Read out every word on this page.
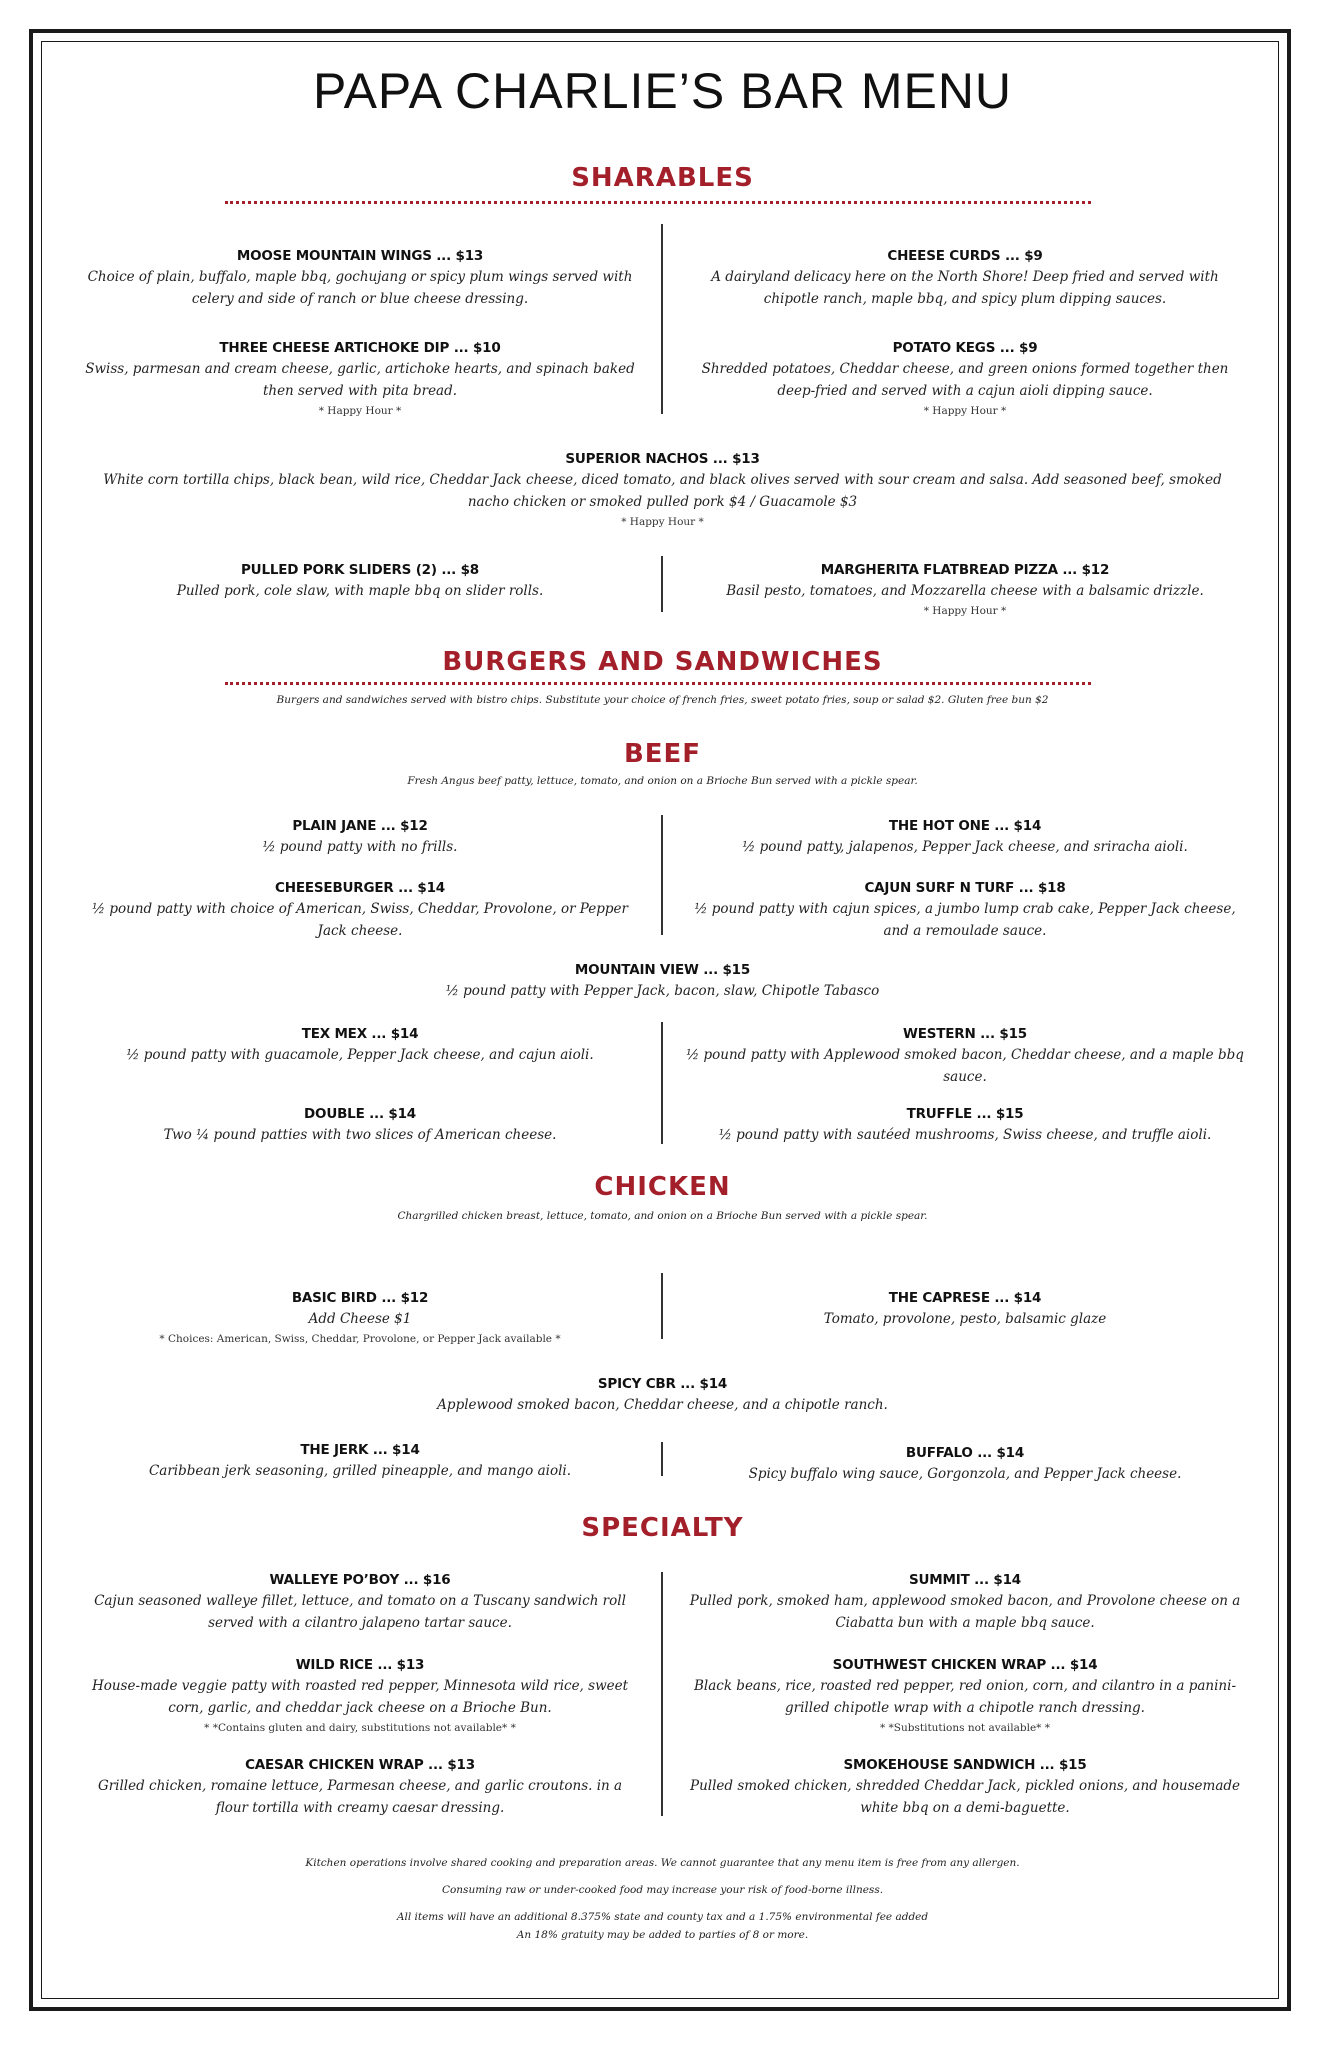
PAPA CHARLIE’S BAR MENU
SHARABLES
MOOSE MOUNTAIN WINGS ... $13
Choice of plain, buffalo, maple bbq, gochujang or spicy plum wings served with celery and side of ranch or blue cheese dressing.
CHEESE CURDS ... $9
A dairyland delicacy here on the North Shore! Deep fried and served with chipotle ranch, maple bbq, and spicy plum dipping sauces.
THREE CHEESE ARTICHOKE DIP ... $10
Swiss, parmesan and cream cheese, garlic, artichoke hearts, and spinach baked then served with pita bread.
* Happy Hour *
POTATO KEGS ... $9
Shredded potatoes, Cheddar cheese, and green onions formed together then deep-fried and served with a cajun aioli dipping sauce.
* Happy Hour *
SUPERIOR NACHOS ... $13
White corn tortilla chips, black bean, wild rice, Cheddar Jack cheese, diced tomato, and black olives served with sour cream and salsa. Add seasoned beef, smoked nacho chicken or smoked pulled pork $4 / Guacamole $3
* Happy Hour *
PULLED PORK SLIDERS (2) ... $8
Pulled pork, cole slaw, with maple bbq on slider rolls.
MARGHERITA FLATBREAD PIZZA ... $12
Basil pesto, tomatoes, and Mozzarella cheese with a balsamic drizzle.
* Happy Hour *
BURGERS AND SANDWICHES
Burgers and sandwiches served with bistro chips. Substitute your choice of french fries, sweet potato fries, soup or salad $2. Gluten free bun $2
BEEF
Fresh Angus beef patty, lettuce, tomato, and onion on a Brioche Bun served with a pickle spear.
PLAIN JANE ... $12
½ pound patty with no frills.
THE HOT ONE ... $14
½ pound patty, jalapenos, Pepper Jack cheese, and sriracha aioli.
CHEESEBURGER ... $14
½ pound patty with choice of American, Swiss, Cheddar, Provolone, or Pepper Jack cheese.
CAJUN SURF N TURF ... $18
½ pound patty with cajun spices, a jumbo lump crab cake, Pepper Jack cheese, and a remoulade sauce.
MOUNTAIN VIEW ... $15
½ pound patty with Pepper Jack, bacon, slaw, Chipotle Tabasco
TEX MEX ... $14
½ pound patty with guacamole, Pepper Jack cheese, and cajun aioli.
WESTERN ... $15
½ pound patty with Applewood smoked bacon, Cheddar cheese, and a maple bbq sauce.
DOUBLE ... $14
Two ¼ pound patties with two slices of American cheese.
TRUFFLE ... $15
½ pound patty with sautéed mushrooms, Swiss cheese, and truffle aioli.
CHICKEN
Chargrilled chicken breast, lettuce, tomato, and onion on a Brioche Bun served with a pickle spear.
BASIC BIRD ... $12
Add Cheese $1
* Choices: American, Swiss, Cheddar, Provolone, or Pepper Jack available *
THE CAPRESE ... $14
Tomato, provolone, pesto, balsamic glaze
SPICY CBR ... $14
Applewood smoked bacon, Cheddar cheese, and a chipotle ranch.
THE JERK ... $14
Caribbean jerk seasoning, grilled pineapple, and mango aioli.
BUFFALO ... $14
Spicy buffalo wing sauce, Gorgonzola, and Pepper Jack cheese.
SPECIALTY
WALLEYE PO’BOY ... $16
Cajun seasoned walleye fillet, lettuce, and tomato on a Tuscany sandwich roll served with a cilantro jalapeno tartar sauce.
SUMMIT ... $14
Pulled pork, smoked ham, applewood smoked bacon, and Provolone cheese on a Ciabatta bun with a maple bbq sauce.
WILD RICE ... $13
House-made veggie patty with roasted red pepper, Minnesota wild rice, sweet corn, garlic, and cheddar jack cheese on a Brioche Bun.
* *Contains gluten and dairy, substitutions not available* *
SOUTHWEST CHICKEN WRAP ... $14
Black beans, rice, roasted red pepper, red onion, corn, and cilantro in a panini-grilled chipotle wrap with a chipotle ranch dressing.
* *Substitutions not available* *
CAESAR CHICKEN WRAP ... $13
Grilled chicken, romaine lettuce, Parmesan cheese, and garlic croutons. in a flour tortilla with creamy caesar dressing.
SMOKEHOUSE SANDWICH ... $15
Pulled smoked chicken, shredded Cheddar Jack, pickled onions, and housemade white bbq on a demi-baguette.
Kitchen operations involve shared cooking and preparation areas. We cannot guarantee that any menu item is free from any allergen.
Consuming raw or under-cooked food may increase your risk of food-borne illness.
All items will have an additional 8.375% state and county tax and a 1.75% environmental fee added
An 18% gratuity may be added to parties of 8 or more.
